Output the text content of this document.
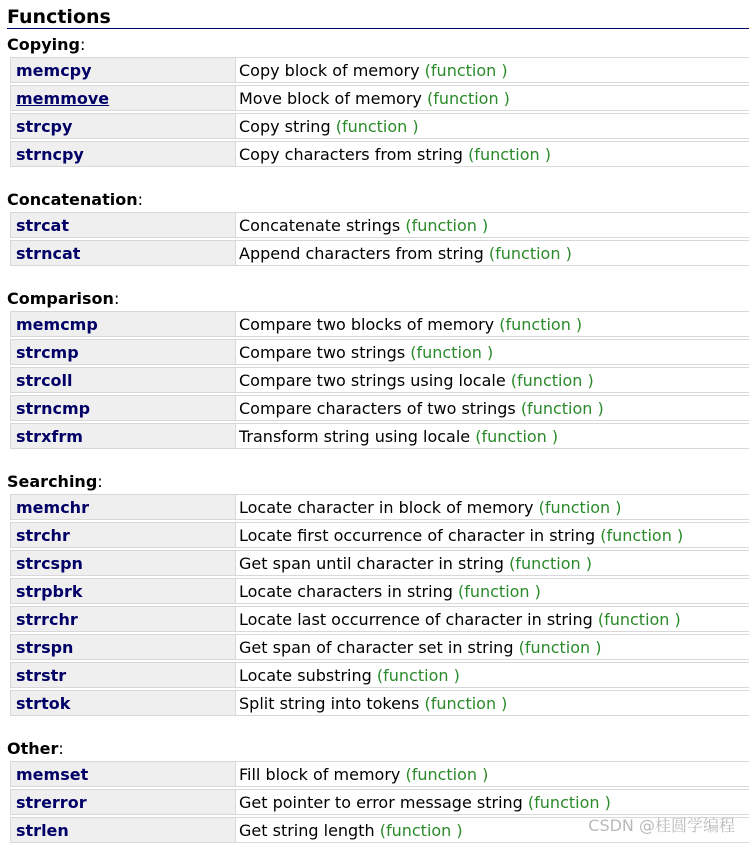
Functions
Copying:
memcpy	Copy block of memory (function )
memmove	Move block of memory (function )
strcpy	Copy string (function )
strncpy	Copy characters from string (function )
Concatenation:
strcat	Concatenate strings (function )
strncat	Append characters from string (function )
Comparison:
memcmp	Compare two blocks of memory (function )
strcmp	Compare two strings (function )
strcoll	Compare two strings using locale (function )
strncmp	Compare characters of two strings (function )
strxfrm	Transform string using locale (function )
Searching:
memchr	Locate character in block of memory (function )
strchr	Locate first occurrence of character in string (function )
strcspn	Get span until character in string (function )
strpbrk	Locate characters in string (function )
strrchr	Locate last occurrence of character in string (function )
strspn	Get span of character set in string (function )
strstr	Locate substring (function )
strtok	Split string into tokens (function )
Other:
memset	Fill block of memory (function )
strerror	Get pointer to error message string (function )
strlen	Get string length (function )	CSDN @桂圆学编程
